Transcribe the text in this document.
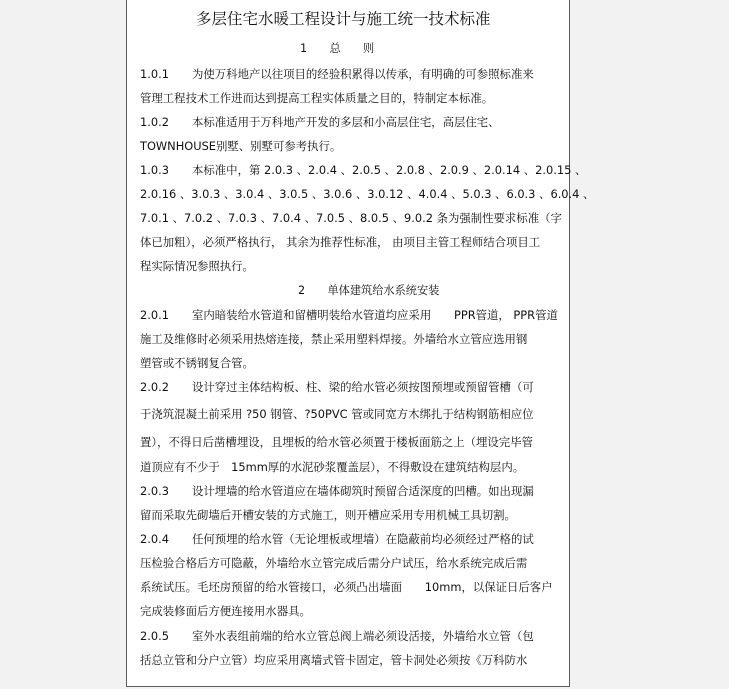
多层住宅水暖工程设计与施工统一技术标准
1　　总　　则
1.0.1 为使万科地产以往项目的经验积累得以传承，有明确的可参照标准来
管理工程技术工作进而达到提高工程实体质量之目的，特制定本标准。
1.0.2 本标准适用于万科地产开发的多层和小高层住宅，高层住宅、
TOWNHOUSE别墅、别墅可参考执行。
1.0.3 本标准中，第 2.0.3 、2.0.4 、2.0.5 、2.0.8 、2.0.9 、2.0.14 、2.0.15 、
2.0.16 、3.0.3 、3.0.4 、3.0.5 、3.0.6 、3.0.12 、4.0.4 、5.0.3 、6.0.3 、6.0.4 、
7.0.1 、7.0.2 、7.0.3 、7.0.4 、7.0.5 、8.0.5 、9.0.2 条为强制性要求标准（字
体已加粗），必须严格执行， 其余为推荐性标准， 由项目主管工程师结合项目工
程实际情况参照执行。
2　　单体建筑给水系统安装
2.0.1 室内暗装给水管道和留槽明装给水管道均应采用　　PPR管道， PPR管道
施工及维修时必须采用热熔连接，禁止采用塑料焊接。外墙给水立管应选用钢
塑管或不锈钢复合管。
2.0.2 设计穿过主体结构板、柱、梁的给水管必须按图预埋或预留管槽（可
于浇筑混凝土前采用 ?50 钢管、?50PVC 管或同宽方木绑扎于结构钢筋相应位
置），不得日后凿槽埋设，且埋板的给水管必须置于楼板面筋之上（埋设完毕管
道顶应有不少于　15mm厚的水泥砂浆覆盖层），不得敷设在建筑结构层内。
2.0.3 设计埋墙的给水管道应在墙体砌筑时预留合适深度的凹槽。如出现漏
留而采取先砌墙后开槽安装的方式施工，则开槽应采用专用机械工具切割。
2.0.4 任何预埋的给水管（无论埋板或埋墙）在隐蔽前均必须经过严格的试
压检验合格后方可隐蔽，外墙给水立管完成后需分户试压，给水系统完成后需
系统试压。毛坯房预留的给水管接口，必须凸出墙面　　10mm，以保证日后客户
完成装修面后方便连接用水器具。
2.0.5 室外水表组前端的给水立管总阀上端必须设活接，外墙给水立管（包
括总立管和分户立管）均应采用离墙式管卡固定，管卡洞处必须按《万科防水
